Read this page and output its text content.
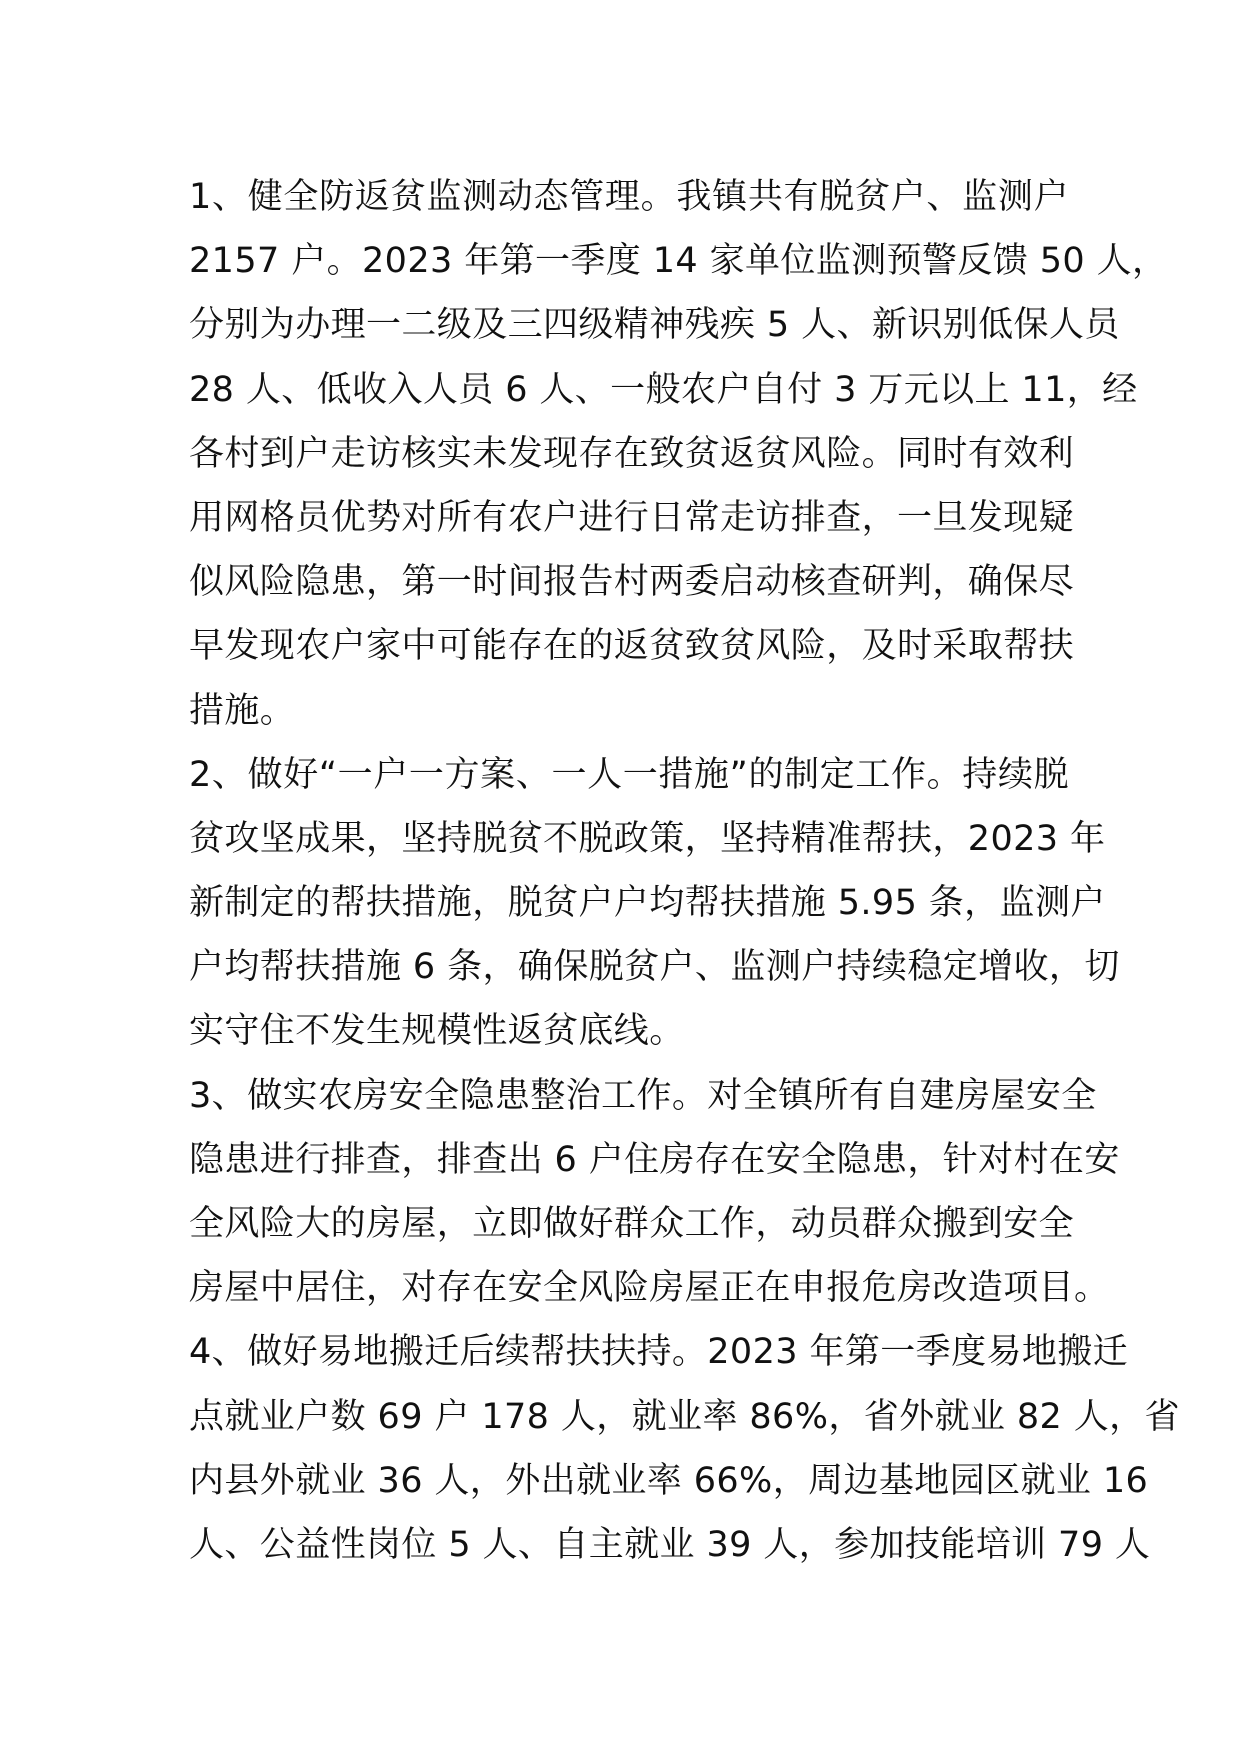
1、健全防返贫监测动态管理。我镇共有脱贫户、监测户
2157 户。2023 年第一季度 14 家单位监测预警反馈 50 人，
分别为办理一二级及三四级精神残疾 5 人、新识别低保人员
28 人、低收入人员 6 人、一般农户自付 3 万元以上 11，经
各村到户走访核实未发现存在致贫返贫风险。同时有效利
用网格员优势对所有农户进行日常走访排查，一旦发现疑
似风险隐患，第一时间报告村两委启动核查研判，确保尽
早发现农户家中可能存在的返贫致贫风险，及时采取帮扶
措施。
2、做好“一户一方案、一人一措施”的制定工作。持续脱
贫攻坚成果，坚持脱贫不脱政策，坚持精准帮扶，2023 年
新制定的帮扶措施，脱贫户户均帮扶措施 5.95 条，监测户
户均帮扶措施 6 条，确保脱贫户、监测户持续稳定增收，切
实守住不发生规模性返贫底线。
3、做实农房安全隐患整治工作。对全镇所有自建房屋安全
隐患进行排查，排查出 6 户住房存在安全隐患，针对村在安
全风险大的房屋，立即做好群众工作，动员群众搬到安全
房屋中居住，对存在安全风险房屋正在申报危房改造项目。
4、做好易地搬迁后续帮扶扶持。2023 年第一季度易地搬迁
点就业户数 69 户 178 人，就业率 86%，省外就业 82 人，省
内县外就业 36 人，外出就业率 66%，周边基地园区就业 16
人、公益性岗位 5 人、自主就业 39 人，参加技能培训 79 人
